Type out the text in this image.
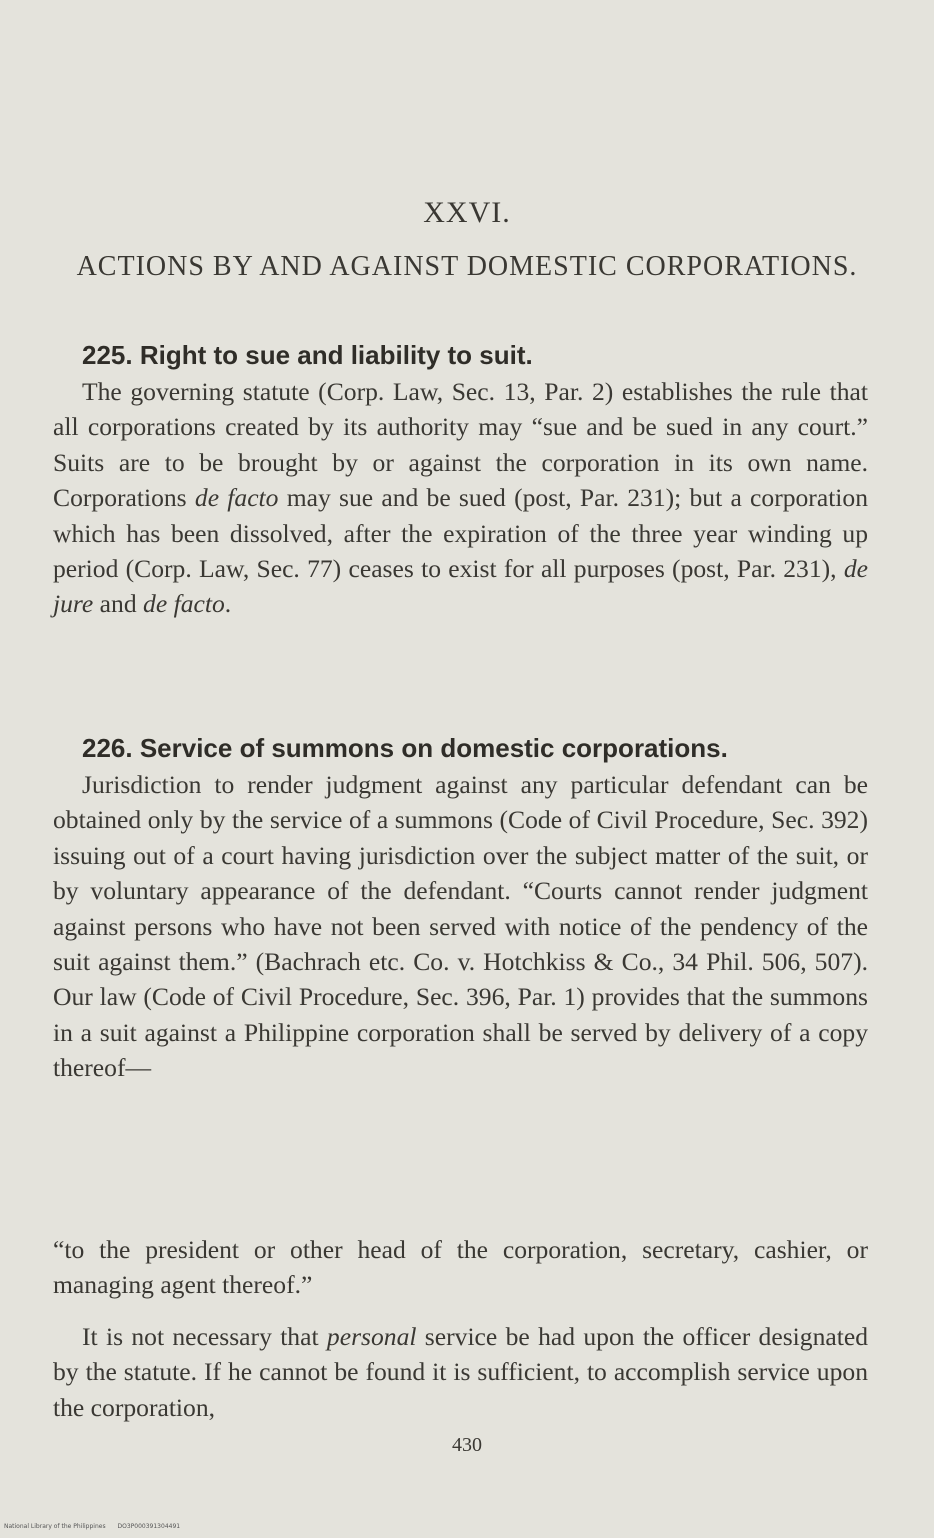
XXVI.
ACTIONS BY AND AGAINST DOMESTIC CORPORATIONS.
225. Right to sue and liability to suit.
The governing statute (Corp. Law, Sec. 13, Par. 2) establishes the rule that all corporations created by its authority may “sue and be sued in any court.” Suits are to be brought by or against the corporation in its own name. Corporations de facto may sue and be sued (post, Par. 231); but a corporation which has been dissolved, after the expiration of the three year winding up period (Corp. Law, Sec. 77) ceases to exist for all purposes (post, Par. 231), de jure and de facto.
226. Service of summons on domestic corporations.
Jurisdiction to render judgment against any particular defendant can be obtained only by the service of a summons (Code of Civil Procedure, Sec. 392) issuing out of a court having jurisdiction over the subject matter of the suit, or by voluntary appearance of the defendant. “Courts cannot render judgment against persons who have not been served with notice of the pendency of the suit against them.” (Bachrach etc. Co. v. Hotchkiss & Co., 34 Phil. 506, 507). Our law (Code of Civil Procedure, Sec. 396, Par. 1) provides that the summons in a suit against a Philippine corporation shall be served by delivery of a copy thereof—
“to the president or other head of the corporation, secretary, cashier, or managing agent thereof.”
It is not necessary that personal service be had upon the officer designated by the statute. If he cannot be found it is sufficient, to accomplish service upon the corporation,
430
National Library of the Philippines DO3P000391304491
